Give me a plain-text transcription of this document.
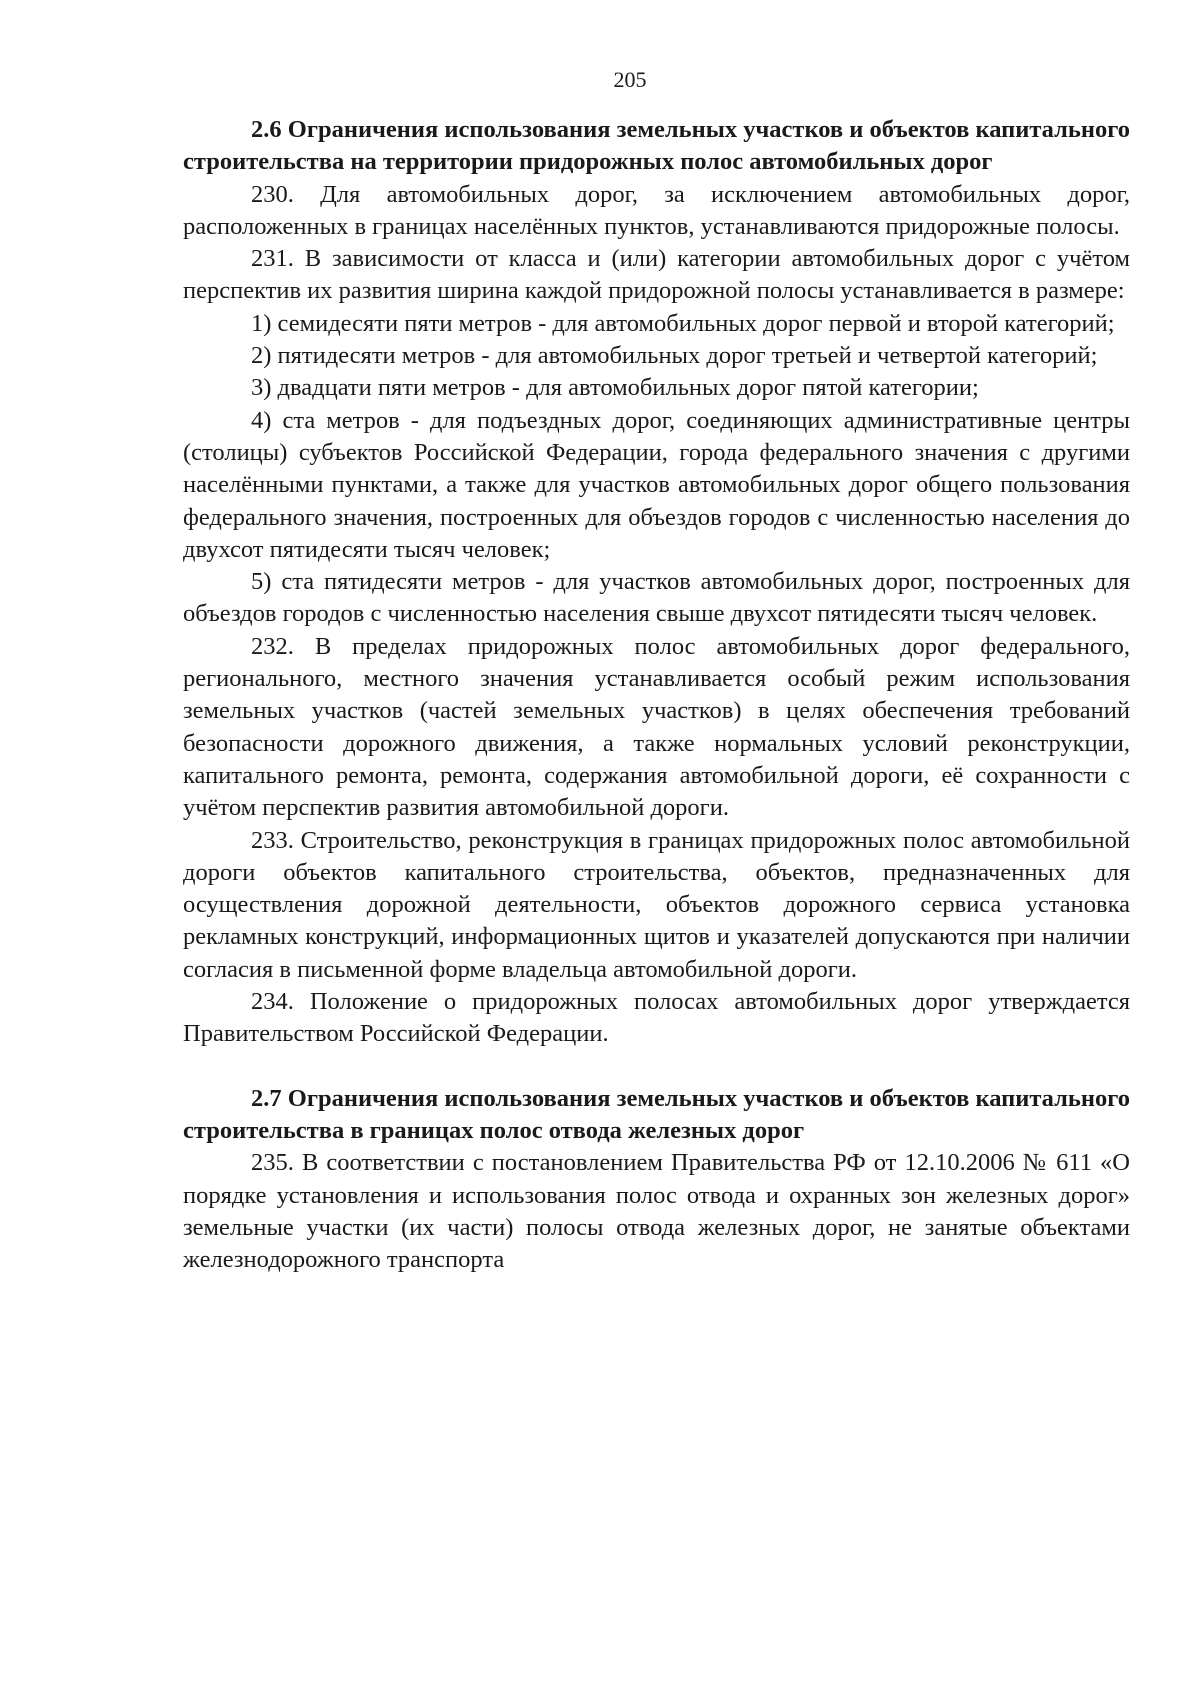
205

2.6 Ограничения использования земельных участков и объектов капитального строительства на территории придорожных полос автомобильных дорог

230. Для автомобильных дорог, за исключением автомобильных дорог, расположенных в границах населённых пунктов, устанавливаются придорожные полосы.

231. В зависимости от класса и (или) категории автомобильных дорог с учётом перспектив их развития ширина каждой придорожной полосы устанавливается в размере:

1) семидесяти пяти метров - для автомобильных дорог первой и второй категорий;

2) пятидесяти метров - для автомобильных дорог третьей и четвертой категорий;

3) двадцати пяти метров - для автомобильных дорог пятой категории;

4) ста метров - для подъездных дорог, соединяющих административные центры (столицы) субъектов Российской Федерации, города федерального значения с другими населёнными пунктами, а также для участков автомобильных дорог общего пользования федерального значения, построенных для объездов городов с численностью населения до двухсот пятидесяти тысяч человек;

5) ста пятидесяти метров - для участков автомобильных дорог, построенных для объездов городов с численностью населения свыше двухсот пятидесяти тысяч человек.

232. В пределах придорожных полос автомобильных дорог федерального, регионального, местного значения устанавливается особый режим использования земельных участков (частей земельных участков) в целях обеспечения требований безопасности дорожного движения, а также нормальных условий реконструкции, капитального ремонта, ремонта, содержания автомобильной дороги, её сохранности с учётом перспектив развития автомобильной дороги.

233. Строительство, реконструкция в границах придорожных полос автомобильной дороги объектов капитального строительства, объектов, предназначенных для осуществления дорожной деятельности, объектов дорожного сервиса установка рекламных конструкций, информационных щитов и указателей допускаются при наличии согласия в письменной форме владельца автомобильной дороги.

234. Положение о придорожных полосах автомобильных дорог утверждается Правительством Российской Федерации.

2.7 Ограничения использования земельных участков и объектов капитального строительства в границах полос отвода железных дорог

235. В соответствии с постановлением Правительства РФ от 12.10.2006 № 611 «О порядке установления и использования полос отвода и охранных зон железных дорог» земельные участки (их части) полосы отвода железных дорог, не занятые объектами железнодорожного транспорта
